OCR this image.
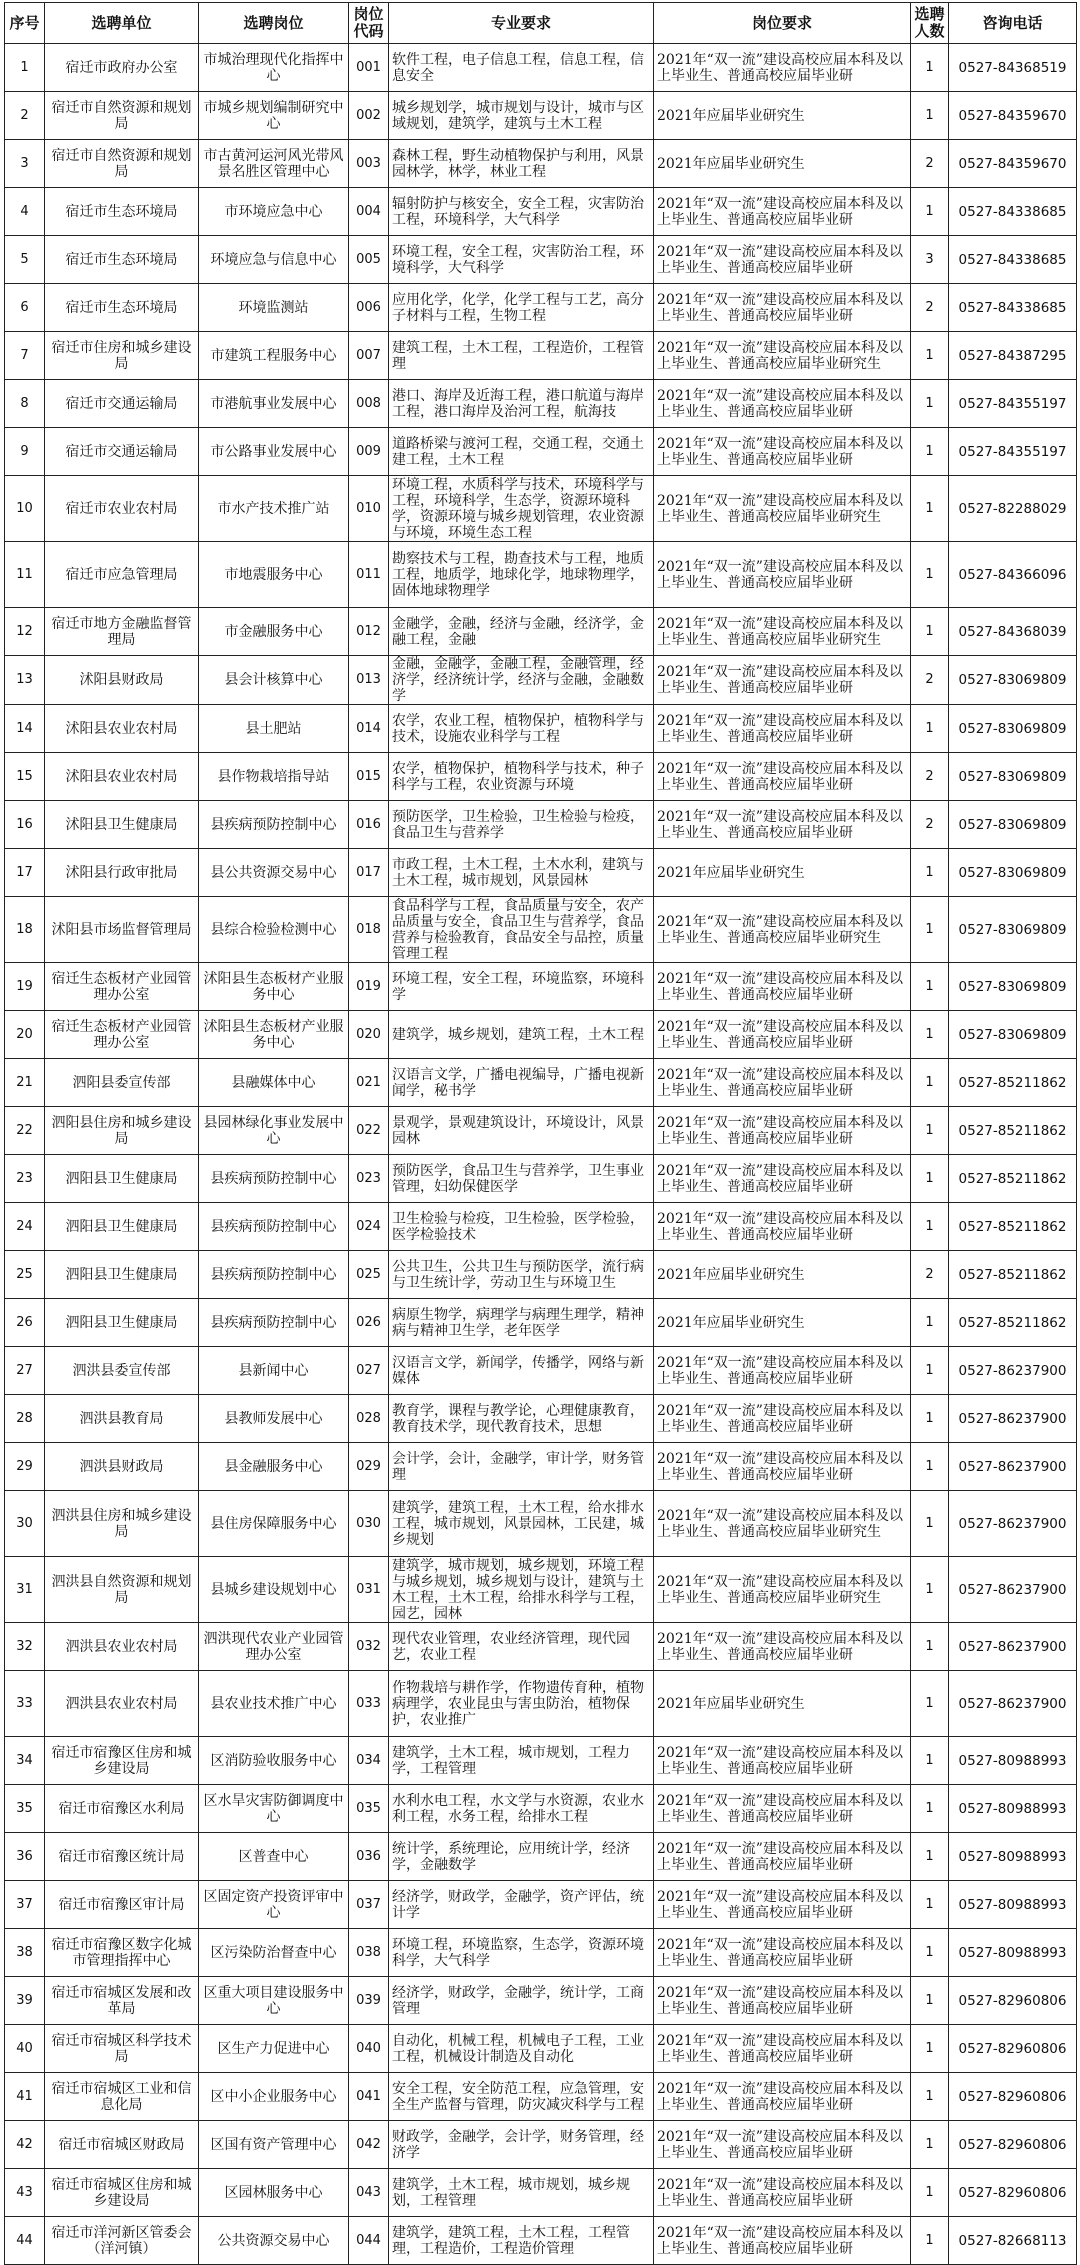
序号	选聘单位	选聘岗位	岗位代码	专业要求	岗位要求	选聘人数	咨询电话
1	宿迁市政府办公室	市城治理现代化指挥中心	001	软件工程，电子信息工程，信息工程，信息安全	2021年“双一流”建设高校应届本科及以上毕业生、普通高校应届毕业研	1	0527-84368519
2	宿迁市自然资源和规划局	市城乡规划编制研究中心	002	城乡规划学，城市规划与设计，城市与区域规划，建筑学，建筑与土木工程	2021年应届毕业研究生	1	0527-84359670
3	宿迁市自然资源和规划局	市古黄河运河风光带风景名胜区管理中心	003	森林工程，野生动植物保护与利用，风景园林学，林学，林业工程	2021年应届毕业研究生	2	0527-84359670
4	宿迁市生态环境局	市环境应急中心	004	辐射防护与核安全，安全工程，灾害防治工程，环境科学，大气科学	2021年“双一流”建设高校应届本科及以上毕业生、普通高校应届毕业研	1	0527-84338685
5	宿迁市生态环境局	环境应急与信息中心	005	环境工程，安全工程，灾害防治工程，环境科学，大气科学	2021年“双一流”建设高校应届本科及以上毕业生、普通高校应届毕业研	3	0527-84338685
6	宿迁市生态环境局	环境监测站	006	应用化学，化学，化学工程与工艺，高分子材料与工程，生物工程	2021年“双一流”建设高校应届本科及以上毕业生、普通高校应届毕业研	2	0527-84338685
7	宿迁市住房和城乡建设局	市建筑工程服务中心	007	建筑工程，土木工程，工程造价，工程管理	2021年“双一流”建设高校应届本科及以上毕业生、普通高校应届毕业研究生	1	0527-84387295
8	宿迁市交通运输局	市港航事业发展中心	008	港口、海岸及近海工程，港口航道与海岸工程，港口海岸及治河工程，航海技	2021年“双一流”建设高校应届本科及以上毕业生、普通高校应届毕业研	1	0527-84355197
9	宿迁市交通运输局	市公路事业发展中心	009	道路桥梁与渡河工程，交通工程，交通土建工程，土木工程	2021年“双一流”建设高校应届本科及以上毕业生、普通高校应届毕业研	1	0527-84355197
10	宿迁市农业农村局	市水产技术推广站	010	环境工程，水质科学与技术，环境科学与工程，环境科学，生态学，资源环境科学，资源环境与城乡规划管理，农业资源与环境，环境生态工程	2021年“双一流”建设高校应届本科及以上毕业生、普通高校应届毕业研究生	1	0527-82288029
11	宿迁市应急管理局	市地震服务中心	011	勘察技术与工程，勘查技术与工程，地质工程，地质学，地球化学，地球物理学，固体地球物理学	2021年“双一流”建设高校应届本科及以上毕业生、普通高校应届毕业研	1	0527-84366096
12	宿迁市地方金融监督管理局	市金融服务中心	012	金融学，金融，经济与金融，经济学，金融工程，金融	2021年“双一流”建设高校应届本科及以上毕业生、普通高校应届毕业研究生	1	0527-84368039
13	沭阳县财政局	县会计核算中心	013	金融，金融学，金融工程，金融管理，经济学，经济统计学，经济与金融，金融数学	2021年“双一流”建设高校应届本科及以上毕业生、普通高校应届毕业研	2	0527-83069809
14	沭阳县农业农村局	县土肥站	014	农学，农业工程，植物保护，植物科学与技术，设施农业科学与工程	2021年“双一流”建设高校应届本科及以上毕业生、普通高校应届毕业研	1	0527-83069809
15	沭阳县农业农村局	县作物栽培指导站	015	农学，植物保护，植物科学与技术，种子科学与工程，农业资源与环境	2021年“双一流”建设高校应届本科及以上毕业生、普通高校应届毕业研	2	0527-83069809
16	沭阳县卫生健康局	县疾病预防控制中心	016	预防医学，卫生检验，卫生检验与检疫，食品卫生与营养学	2021年“双一流”建设高校应届本科及以上毕业生、普通高校应届毕业研	2	0527-83069809
17	沭阳县行政审批局	县公共资源交易中心	017	市政工程，土木工程，土木水利，建筑与土木工程，城市规划，风景园林	2021年应届毕业研究生	1	0527-83069809
18	沭阳县市场监督管理局	县综合检验检测中心	018	食品科学与工程，食品质量与安全，农产品质量与安全，食品卫生与营养学，食品营养与检验教育，食品安全与品控，质量管理工程	2021年“双一流”建设高校应届本科及以上毕业生、普通高校应届毕业研究生	1	0527-83069809
19	宿迁生态板材产业园管理办公室	沭阳县生态板材产业服务中心	019	环境工程，安全工程，环境监察，环境科学	2021年“双一流”建设高校应届本科及以上毕业生、普通高校应届毕业研	1	0527-83069809
20	宿迁生态板材产业园管理办公室	沭阳县生态板材产业服务中心	020	建筑学，城乡规划，建筑工程，土木工程	2021年“双一流”建设高校应届本科及以上毕业生、普通高校应届毕业研	1	0527-83069809
21	泗阳县委宣传部	县融媒体中心	021	汉语言文学，广播电视编导，广播电视新闻学，秘书学	2021年“双一流”建设高校应届本科及以上毕业生、普通高校应届毕业研	1	0527-85211862
22	泗阳县住房和城乡建设局	县园林绿化事业发展中心	022	景观学，景观建筑设计，环境设计，风景园林	2021年“双一流”建设高校应届本科及以上毕业生、普通高校应届毕业研	1	0527-85211862
23	泗阳县卫生健康局	县疾病预防控制中心	023	预防医学，食品卫生与营养学，卫生事业管理，妇幼保健医学	2021年“双一流”建设高校应届本科及以上毕业生、普通高校应届毕业研	1	0527-85211862
24	泗阳县卫生健康局	县疾病预防控制中心	024	卫生检验与检疫，卫生检验，医学检验，医学检验技术	2021年“双一流”建设高校应届本科及以上毕业生、普通高校应届毕业研	1	0527-85211862
25	泗阳县卫生健康局	县疾病预防控制中心	025	公共卫生，公共卫生与预防医学，流行病与卫生统计学，劳动卫生与环境卫生	2021年应届毕业研究生	2	0527-85211862
26	泗阳县卫生健康局	县疾病预防控制中心	026	病原生物学，病理学与病理生理学，精神病与精神卫生学，老年医学	2021年应届毕业研究生	1	0527-85211862
27	泗洪县委宣传部	县新闻中心	027	汉语言文学，新闻学，传播学，网络与新媒体	2021年“双一流”建设高校应届本科及以上毕业生、普通高校应届毕业研	1	0527-86237900
28	泗洪县教育局	县教师发展中心	028	教育学，课程与教学论，心理健康教育，教育技术学，现代教育技术，思想	2021年“双一流”建设高校应届本科及以上毕业生、普通高校应届毕业研	1	0527-86237900
29	泗洪县财政局	县金融服务中心	029	会计学，会计，金融学，审计学，财务管理	2021年“双一流”建设高校应届本科及以上毕业生、普通高校应届毕业研	1	0527-86237900
30	泗洪县住房和城乡建设局	县住房保障服务中心	030	建筑学，建筑工程，土木工程，给水排水工程，城市规划，风景园林，工民建，城乡规划	2021年“双一流”建设高校应届本科及以上毕业生、普通高校应届毕业研究生	1	0527-86237900
31	泗洪县自然资源和规划局	县城乡建设规划中心	031	建筑学，城市规划，城乡规划，环境工程与城乡规划，城乡规划与设计，建筑与土木工程，土木工程，给排水科学与工程，园艺，园林	2021年“双一流”建设高校应届本科及以上毕业生、普通高校应届毕业研究生	1	0527-86237900
32	泗洪县农业农村局	泗洪现代农业产业园管理办公室	032	现代农业管理，农业经济管理，现代园艺，农业工程	2021年“双一流”建设高校应届本科及以上毕业生、普通高校应届毕业研	1	0527-86237900
33	泗洪县农业农村局	县农业技术推广中心	033	作物栽培与耕作学，作物遗传育种，植物病理学，农业昆虫与害虫防治，植物保护，农业推广	2021年应届毕业研究生	1	0527-86237900
34	宿迁市宿豫区住房和城乡建设局	区消防验收服务中心	034	建筑学，土木工程，城市规划，工程力学，工程管理	2021年“双一流”建设高校应届本科及以上毕业生、普通高校应届毕业研	1	0527-80988993
35	宿迁市宿豫区水利局	区水旱灾害防御调度中心	035	水利水电工程，水文学与水资源，农业水利工程，水务工程，给排水工程	2021年“双一流”建设高校应届本科及以上毕业生、普通高校应届毕业研	1	0527-80988993
36	宿迁市宿豫区统计局	区普查中心	036	统计学，系统理论，应用统计学，经济学，金融数学	2021年“双一流”建设高校应届本科及以上毕业生、普通高校应届毕业研	1	0527-80988993
37	宿迁市宿豫区审计局	区固定资产投资评审中心	037	经济学，财政学，金融学，资产评估，统计学	2021年“双一流”建设高校应届本科及以上毕业生、普通高校应届毕业研	1	0527-80988993
38	宿迁市宿豫区数字化城市管理指挥中心	区污染防治督查中心	038	环境工程，环境监察，生态学，资源环境科学，大气科学	2021年“双一流”建设高校应届本科及以上毕业生、普通高校应届毕业研	1	0527-80988993
39	宿迁市宿城区发展和改革局	区重大项目建设服务中心	039	经济学，财政学，金融学，统计学，工商管理	2021年“双一流”建设高校应届本科及以上毕业生、普通高校应届毕业研	1	0527-82960806
40	宿迁市宿城区科学技术局	区生产力促进中心	040	自动化，机械工程，机械电子工程，工业工程，机械设计制造及自动化	2021年“双一流”建设高校应届本科及以上毕业生、普通高校应届毕业研	1	0527-82960806
41	宿迁市宿城区工业和信息化局	区中小企业服务中心	041	安全工程，安全防范工程，应急管理，安全生产监督与管理，防灾减灾科学与工程	2021年“双一流”建设高校应届本科及以上毕业生、普通高校应届毕业研	1	0527-82960806
42	宿迁市宿城区财政局	区国有资产管理中心	042	财政学，金融学，会计学，财务管理，经济学	2021年“双一流”建设高校应届本科及以上毕业生、普通高校应届毕业研	1	0527-82960806
43	宿迁市宿城区住房和城乡建设局	区园林服务中心	043	建筑学，土木工程，城市规划，城乡规划，工程管理	2021年“双一流”建设高校应届本科及以上毕业生、普通高校应届毕业研	1	0527-82960806
44	宿迁市洋河新区管委会（洋河镇）	公共资源交易中心	044	建筑学，建筑工程，土木工程，工程管理，工程造价，工程造价管理	2021年“双一流”建设高校应届本科及以上毕业生、普通高校应届毕业研	1	0527-82668113
